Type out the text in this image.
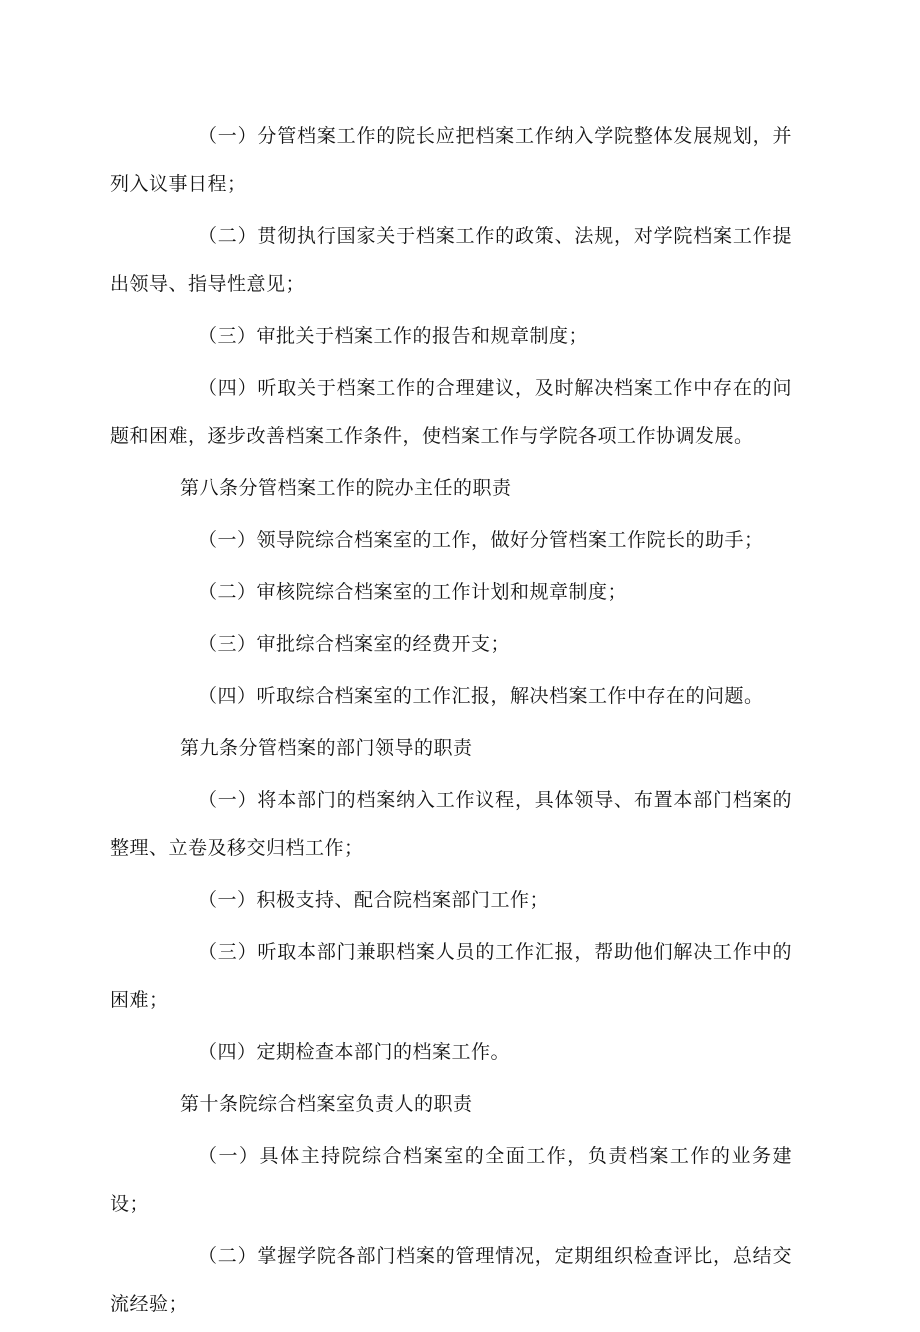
（一）分管档案工作的院长应把档案工作纳入学院整体发展规划，并列入议事日程；

（二）贯彻执行国家关于档案工作的政策、法规，对学院档案工作提出领导、指导性意见；

（三）审批关于档案工作的报告和规章制度；

（四）听取关于档案工作的合理建议，及时解决档案工作中存在的问题和困难，逐步改善档案工作条件，使档案工作与学院各项工作协调发展。

第八条分管档案工作的院办主任的职责

（一）领导院综合档案室的工作，做好分管档案工作院长的助手；

（二）审核院综合档案室的工作计划和规章制度；

（三）审批综合档案室的经费开支；

（四）听取综合档案室的工作汇报，解决档案工作中存在的问题。

第九条分管档案的部门领导的职责

（一）将本部门的档案纳入工作议程，具体领导、布置本部门档案的整理、立卷及移交归档工作；

（一）积极支持、配合院档案部门工作；

（三）听取本部门兼职档案人员的工作汇报，帮助他们解决工作中的困难；

（四）定期检查本部门的档案工作。

第十条院综合档案室负责人的职责

（一）具体主持院综合档案室的全面工作，负责档案工作的业务建设；

（二）掌握学院各部门档案的管理情况，定期组织检查评比，总结交流经验；
